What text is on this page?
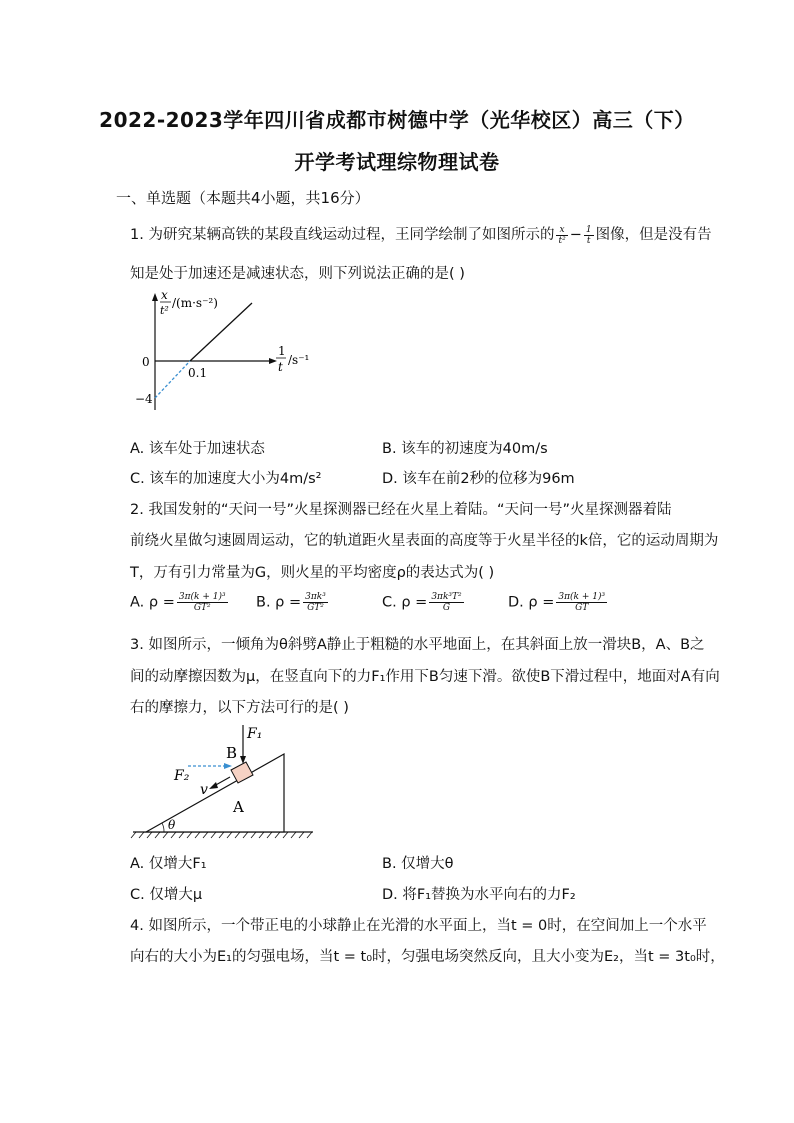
2022-2023学年四川省成都市树德中学（光华校区）高三（下）
开学考试理综物理试卷
一、单选题（本题共4小题，共16分）
1. 为研究某辆高铁的某段直线运动过程，王同学绘制了如图所示的 $\frac{x}{\text{t²}} - \frac{1}{t}$ 图像，但是没有告
知是处于加速还是减速状态，则下列说法正确的是( )
x
t²
/(m·s⁻²)
0
−4
0.1
1
t /s⁻¹
A. 该车处于加速状态	B. 该车的初速度为40m/s
C. 该车的加速度大小为4m/s²	D. 该车在前2秒的位移为96m
2. 我国发射的“天问一号”火星探测器已经在火星上着陆。“天问一号”火星探测器着陆
前绕火星做匀速圆周运动，它的轨道距火星表面的高度等于火星半径的k倍，它的运动周期为
T，万有引力常量为G，则火星的平均密度ρ的表达式为( )
A. $\rho = \frac{\text{3π(k + 1)³}}{\text{GT²}} B$. $\rho = \frac{\text{3πk³}}{\text{GT²}}$	C. $\rho = \frac{\text{3πk³T²}}{G}$	D. $\rho = \frac{\text{3π(k + 1)³}}{GT}$
3. 如图所示，一倾角为θ斜劈A静止于粗糙的水平地面上，在其斜面上放一滑块B，A、B之
间的动摩擦因数为μ，在竖直向下的力F₁作用下B匀速下滑。欲使B下滑过程中，地面对A有向
右的摩擦力，以下方法可行的是( )
θ
B
F₁
F₂
v
A
A. 仅增大F₁	B. 仅增大θ
C. 仅增大μ	D. 将F₁替换为水平向右的力F₂
4. 如图所示，一个带正电的小球静止在光滑的水平面上，当t = 0时，在空间加上一个水平
向右的大小为E₁的匀强电场，当t = t₀时，匀强电场突然反向，且大小变为E₂，当t = 3t₀时，
